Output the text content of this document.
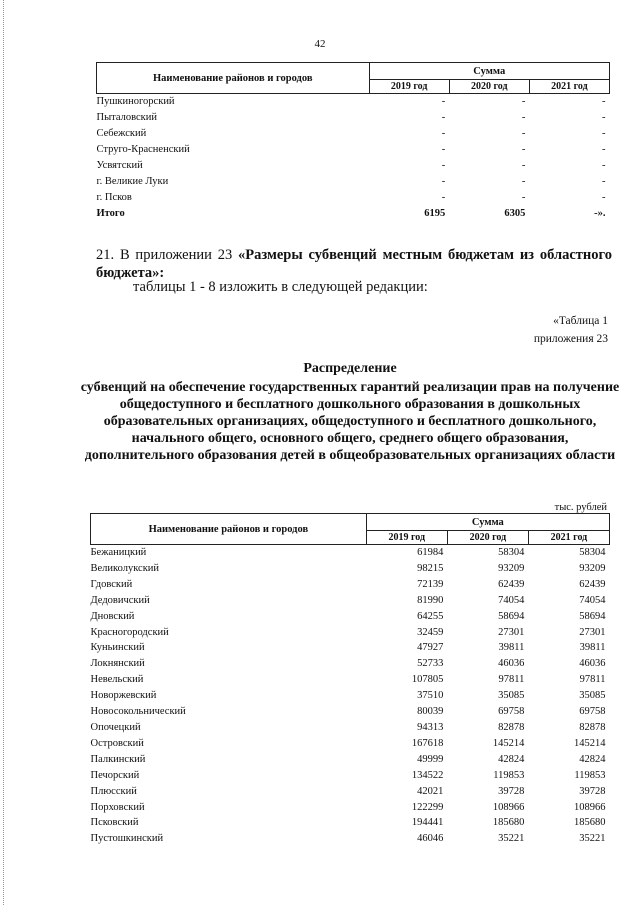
42
Наименование районов и городов	Сумма		
	2019 год	2020 год	2021 год
Пушкиногорский	-	-	-
Пыталовский	-	-	-
Себежский	-	-	-
Струго-Красненский	-	-	-
Усвятский	-	-	-
г. Великие Луки	-	-	-
г. Псков	-	-	-
Итого	6195	6305	-».
21. В приложении 23 «Размеры субвенций местным бюджетам из областного бюджета»:
таблицы 1 - 8 изложить в следующей редакции:
«Таблица 1
приложения 23
Распределение
субвенций на обеспечение государственных гарантий реализации прав на получение общедоступного и бесплатного дошкольного образования в дошкольных образовательных организациях, общедоступного и бесплатного дошкольного, начального общего, основного общего, среднего общего образования, дополнительного образования детей в общеобразовательных организациях области
тыс. рублей
Наименование районов и городов	Сумма		
	2019 год	2020 год	2021 год
Бежаницкий	61984	58304	58304
Великолукский	98215	93209	93209
Гдовский	72139	62439	62439
Дедовичский	81990	74054	74054
Дновский	64255	58694	58694
Красногородский	32459	27301	27301
Куньинский	47927	39811	39811
Локнянский	52733	46036	46036
Невельский	107805	97811	97811
Новоржевский	37510	35085	35085
Новосокольнический	80039	69758	69758
Опочецкий	94313	82878	82878
Островский	167618	145214	145214
Палкинский	49999	42824	42824
Печорский	134522	119853	119853
Плюсский	42021	39728	39728
Порховский	122299	108966	108966
Псковский	194441	185680	185680
Пустошкинский	46046	35221	35221
